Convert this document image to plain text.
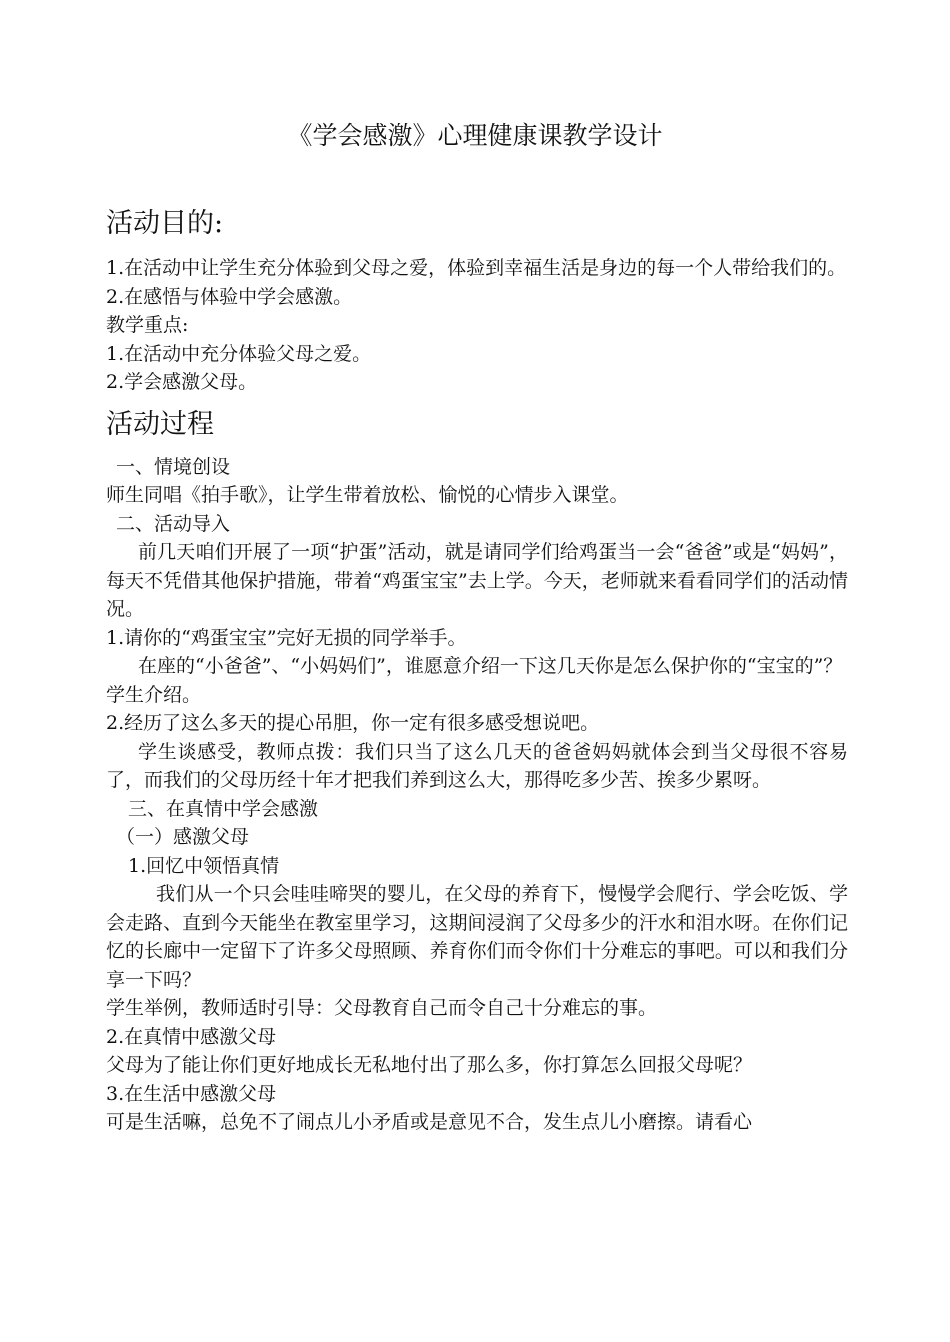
《学会感激》心理健康课教学设计
活动目的:

1.在活动中让学生充分体验到父母之爱，体验到幸福生活是身边的每一个人带给我们的。

2.在感悟与体验中学会感激。

教学重点:

1.在活动中充分体验父母之爱。

2.学会感激父母。

活动过程

一、情境创设

师生同唱《拍手歌》，让学生带着放松、愉悦的心情步入课堂。

二、活动导入

前几天咱们开展了一项“护蛋”活动，就是请同学们给鸡蛋当一会“爸爸”或是“妈妈”，每天不凭借其他保护措施，带着“鸡蛋宝宝”去上学。今天，老师就来看看同学们的活动情况。

1.请你的“鸡蛋宝宝”完好无损的同学举手。

在座的“小爸爸”、“小妈妈们”，谁愿意介绍一下这几天你是怎么保护你的“宝宝的”？

学生介绍。

2.经历了这么多天的提心吊胆，你一定有很多感受想说吧。

学生谈感受，教师点拨：我们只当了这么几天的爸爸妈妈就体会到当父母很不容易了，而我们的父母历经十年才把我们养到这么大，那得吃多少苦、挨多少累呀。

三、在真情中学会感激

（一）感激父母

1.回忆中领悟真情

我们从一个只会哇哇啼哭的婴儿，在父母的养育下，慢慢学会爬行、学会吃饭、学会走路、直到今天能坐在教室里学习，这期间浸润了父母多少的汗水和泪水呀。在你们记忆的长廊中一定留下了许多父母照顾、养育你们而令你们十分难忘的事吧。可以和我们分享一下吗？

学生举例，教师适时引导：父母教育自己而令自己十分难忘的事。

2.在真情中感激父母

父母为了能让你们更好地成长无私地付出了那么多，你打算怎么回报父母呢？

3.在生活中感激父母

可是生活嘛，总免不了闹点儿小矛盾或是意见不合，发生点儿小磨擦。请看心
